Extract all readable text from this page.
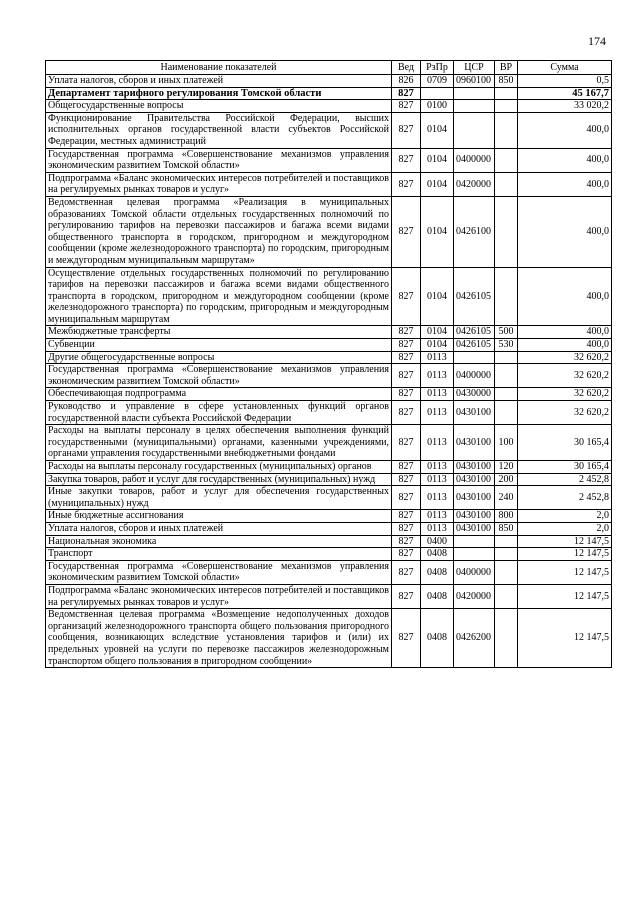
174
Наименование показателей	Вед	РзПр	ЦСР	ВР	Сумма
Уплата налогов, сборов и иных платежей	826	0709	0960100	850	0,5
Департамент тарифного регулирования Томской области	827				45 167,7
Общегосударственные вопросы	827	0100			33 020,2
Функционирование Правительства Российской Федерации, высших исполнительных органов государственной власти субъектов Российской Федерации, местных администраций	827	0104			400,0
Государственная программа «Совершенствование механизмов управления экономическим развитием Томской области»	827	0104	0400000		400,0
Подпрограмма «Баланс экономических интересов потребителей и поставщиков на регулируемых рынках товаров и услуг»	827	0104	0420000		400,0
Ведомственная целевая программа «Реализация в муниципальных образованиях Томской области отдельных государственных полномочий по регулированию тарифов на перевозки пассажиров и багажа всеми видами общественного транспорта в городском, пригородном и междугородном сообщении (кроме железнодорожного транспорта) по городским, пригородным и междугородным муниципальным маршрутам»	827	0104	0426100		400,0
Осуществление отдельных государственных полномочий по регулированию тарифов на перевозки пассажиров и багажа всеми видами общественного транспорта в городском, пригородном и междугородном сообщении (кроме железнодорожного транспорта) по городским, пригородным и междугородным муниципальным маршрутам	827	0104	0426105		400,0
Межбюджетные трансферты	827	0104	0426105	500	400,0
Субвенции	827	0104	0426105	530	400,0
Другие общегосударственные вопросы	827	0113			32 620,2
Государственная программа «Совершенствование механизмов управления экономическим развитием Томской области»	827	0113	0400000		32 620,2
Обеспечивающая подпрограмма	827	0113	0430000		32 620,2
Руководство и управление в сфере установленных функций органов государственной власти субъекта Российской Федерации	827	0113	0430100		32 620,2
Расходы на выплаты персоналу в целях обеспечения выполнения функций государственными (муниципальными) органами, казенными учреждениями, органами управления государственными внебюджетными фондами	827	0113	0430100	100	30 165,4
Расходы на выплаты персоналу государственных (муниципальных) органов	827	0113	0430100	120	30 165,4
Закупка товаров, работ и услуг для государственных (муниципальных) нужд	827	0113	0430100	200	2 452,8
Иные закупки товаров, работ и услуг для обеспечения государственных (муниципальных) нужд	827	0113	0430100	240	2 452,8
Иные бюджетные ассигнования	827	0113	0430100	800	2,0
Уплата налогов, сборов и иных платежей	827	0113	0430100	850	2,0
Национальная экономика	827	0400			12 147,5
Транспорт	827	0408			12 147,5
Государственная программа «Совершенствование механизмов управления экономическим развитием Томской области»	827	0408	0400000		12 147,5
Подпрограмма «Баланс экономических интересов потребителей и поставщиков на регулируемых рынках товаров и услуг»	827	0408	0420000		12 147,5
Ведомственная целевая программа «Возмещение недополученных доходов организаций железнодорожного транспорта общего пользования пригородного сообщения, возникающих вследствие установления тарифов и (или) их предельных уровней на услуги по перевозке пассажиров железнодорожным транспортом общего пользования в пригородном сообщении»	827	0408	0426200		12 147,5
